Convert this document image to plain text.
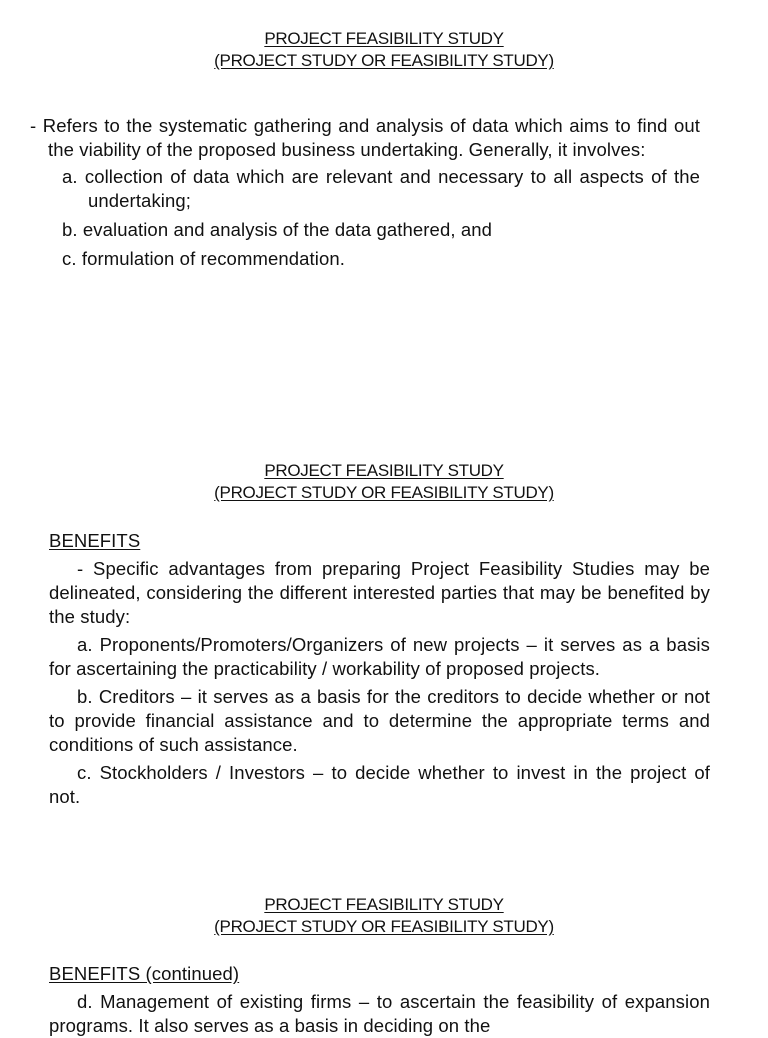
PROJECT FEASIBILITY STUDY
(PROJECT STUDY OR FEASIBILITY STUDY)

- Refers to the systematic gathering and analysis of data which aims to find out the viability of the proposed business undertaking. Generally, it involves:

a. collection of data which are relevant and necessary to all aspects of the undertaking;

b. evaluation and analysis of the data gathered, and

c. formulation of recommendation.

PROJECT FEASIBILITY STUDY
(PROJECT STUDY OR FEASIBILITY STUDY)

BENEFITS

- Specific advantages from preparing Project Feasibility Studies may be delineated, considering the different interested parties that may be benefited by the study:

a. Proponents/Promoters/Organizers of new projects – it serves as a basis for ascertaining the practicability / workability of proposed projects.

b. Creditors – it serves as a basis for the creditors to decide whether or not to provide financial assistance and to determine the appropriate terms and conditions of such assistance.

c. Stockholders / Investors – to decide whether to invest in the project of not.

PROJECT FEASIBILITY STUDY
(PROJECT STUDY OR FEASIBILITY STUDY)

BENEFITS (continued)

d. Management of existing firms – to ascertain the feasibility of expansion programs. It also serves as a basis in deciding on the
